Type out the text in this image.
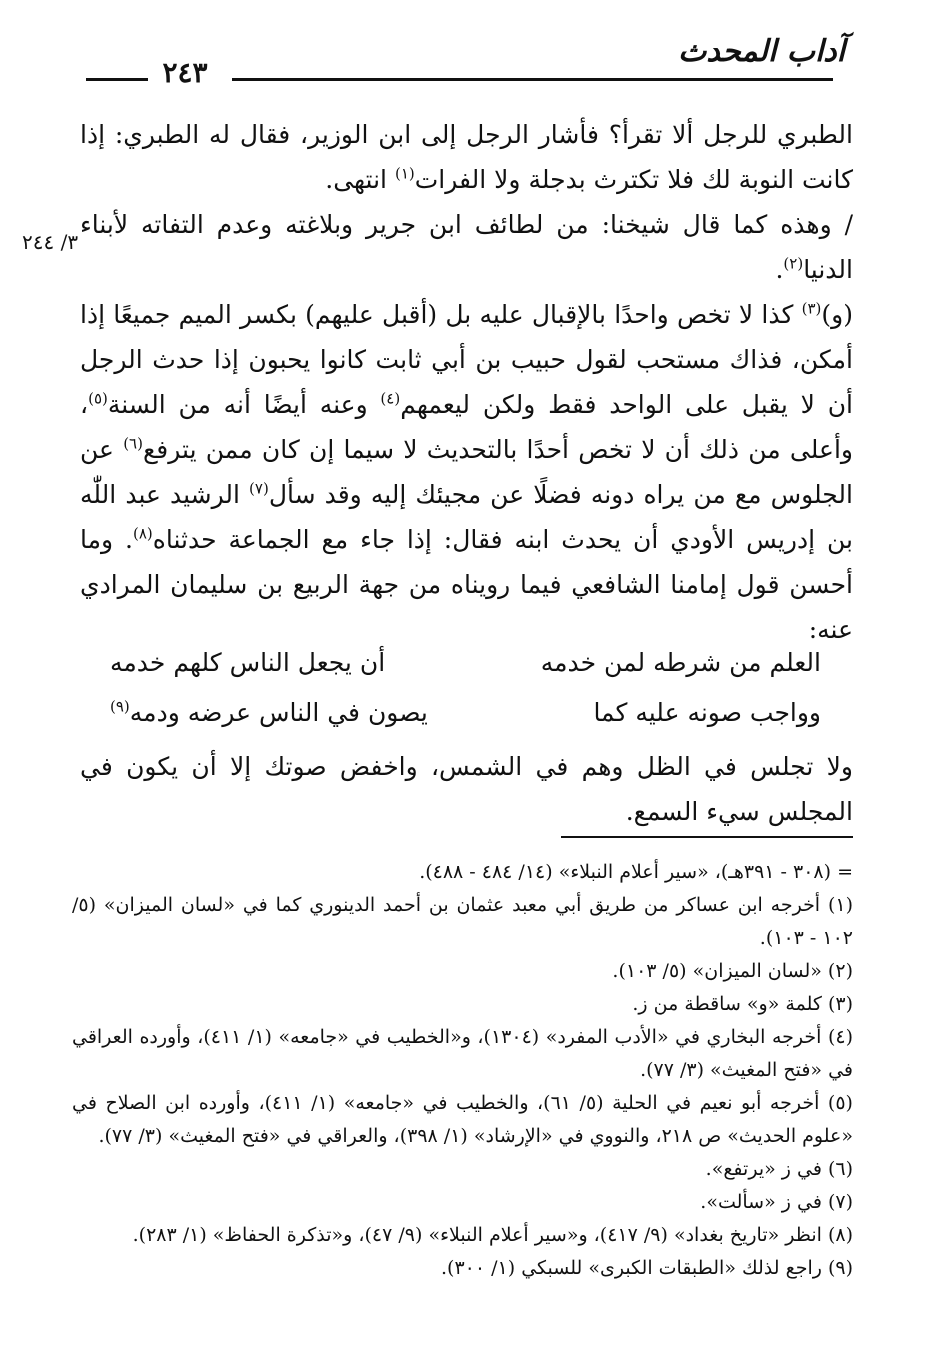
آداب المحدث
٢٤٣

الطبري للرجل ألا تقرأ؟ فأشار الرجل إلى ابن الوزير، فقال له الطبري: إذا كانت النوبة لك فلا تكترث بدجلة ولا الفرات$^{(١)}$ انتهى.

/ وهذه كما قال شيخنا: من لطائف ابن جرير وبلاغته وعدم التفاته لأبناء الدنيا$^{(٢)}$.

(و)$^{(٣)}$ كذا لا تخص واحدًا بالإقبال عليه بل (أقبل عليهم) بكسر الميم جميعًا إذا أمكن، فذاك مستحب لقول حبيب بن أبي ثابت كانوا يحبون إذا حدث الرجل أن لا يقبل على الواحد فقط ولكن ليعمهم$^{(٤)}$ وعنه أيضًا أنه من السنة$^{(٥)}$، وأعلى من ذلك أن لا تخص أحدًا بالتحديث لا سيما إن كان ممن يترفع$^{(٦)}$ عن الجلوس مع من يراه دونه فضلًا عن مجيئك إليه وقد سأل$^{(٧)}$ الرشيد عبد اللّٰه بن إدريس الأودي أن يحدث ابنه فقال: إذا جاء مع الجماعة حدثناه$^{(٨)}$. وما أحسن قول إمامنا الشافعي فيما رويناه من جهة الربيع بن سليمان المرادي عنه:

٣/ ٢٤٤
العلم من شرطه لمن خدمه
أن يجعل الناس كلهم خدمه
وواجب صونه عليه كما
يصون في الناس عرضه ودمه$^{(٩)}$

ولا تجلس في الظل وهم في الشمس، واخفض صوتك إلا أن يكون في المجلس سيء السمع.

= (٣٠٨ - ٣٩١هـ)، «سير أعلام النبلاء» (١٤/ ٤٨٤ - ٤٨٨).

(١) أخرجه ابن عساكر من طريق أبي معبد عثمان بن أحمد الدينوري كما في «لسان الميزان» (٥/ ١٠٢ - ١٠٣).

(٢) «لسان الميزان» (٥/ ١٠٣).

(٣) كلمة «و» ساقطة من ز.

(٤) أخرجه البخاري في «الأدب المفرد» (١٣٠٤)، و«الخطيب في «جامعه» (١/ ٤١١)، وأورده العراقي في «فتح المغيث» (٣/ ٧٧).

(٥) أخرجه أبو نعيم في الحلية (٥/ ٦١)، والخطيب في «جامعه» (١/ ٤١١)، وأورده ابن الصلاح في «علوم الحديث» ص ٢١٨، والنووي في «الإرشاد» (١/ ٣٩٨)، والعراقي في «فتح المغيث» (٣/ ٧٧).

(٦) في ز «يرتفع».

(٧) في ز «سألت».

(٨) انظر «تاريخ بغداد» (٩/ ٤١٧)، و«سير أعلام النبلاء» (٩/ ٤٧)، و«تذكرة الحفاظ» (١/ ٢٨٣).

(٩) راجع لذلك «الطبقات الكبرى» للسبكي (١/ ٣٠٠).
